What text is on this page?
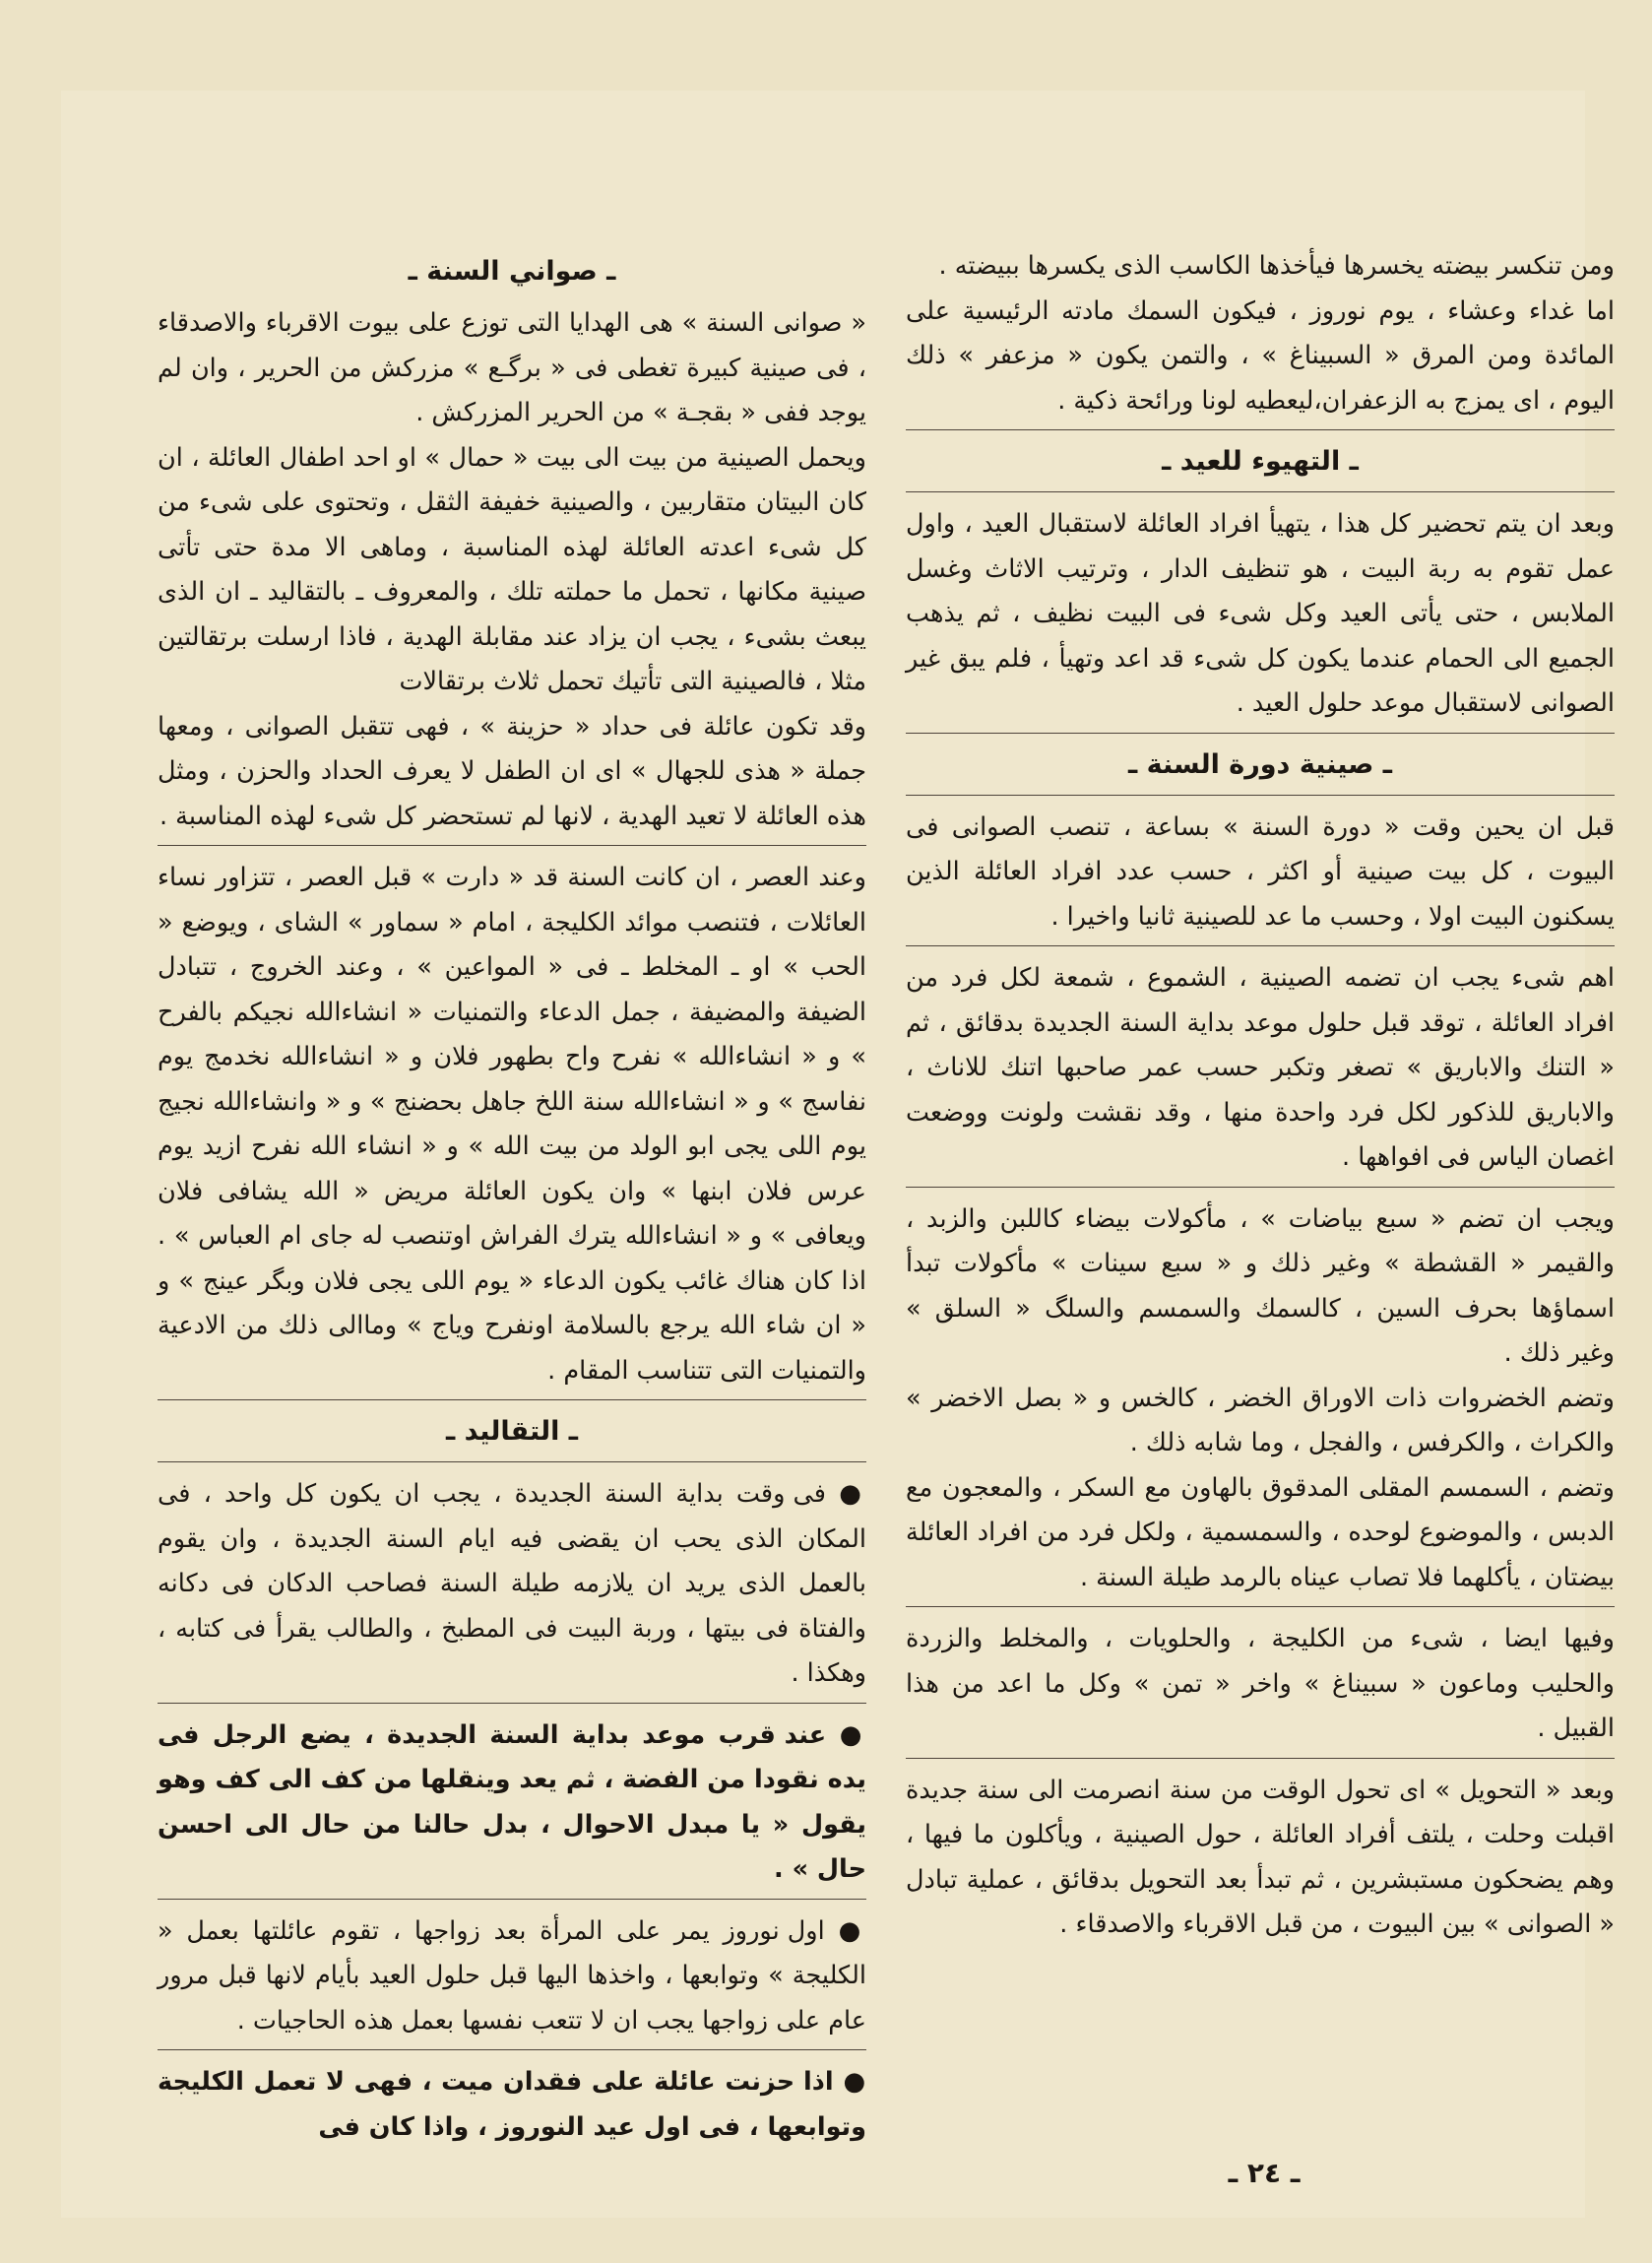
ومن تنكسر بيضته يخسرها فيأخذها الكاسب الذى يكسرها ببيضته .

اما غداء وعشاء ، يوم نوروز ، فيكون السمك مادته الرئيسية على المائدة ومن المرق « السبيناغ » ، والتمن يكون « مزعفر » ذلك اليوم ، اى يمزج به الزعفران،ليعطيه لونا ورائحة ذكية .

ـ التهيوء للعيد ـ

وبعد ان يتم تحضير كل هذا ، يتهيأ افراد العائلة لاستقبال العيد ، واول عمل تقوم به ربة البيت ، هو تنظيف الدار ، وترتيب الاثاث وغسل الملابس ، حتى يأتى العيد وكل شىء فى البيت نظيف ، ثم يذهب الجميع الى الحمام عندما يكون كل شىء قد اعد وتهيأ ، فلم يبق غير الصوانى لاستقبال موعد حلول العيد .

ـ صينية دورة السنة ـ

قبل ان يحين وقت « دورة السنة » بساعة ، تنصب الصوانى فى البيوت ، كل بيت صينية أو اكثر ، حسب عدد افراد العائلة الذين يسكنون البيت اولا ، وحسب ما عد للصينية ثانيا واخيرا .

اهم شىء يجب ان تضمه الصينية ، الشموع ، شمعة لكل فرد من افراد العائلة ، توقد قبل حلول موعد بداية السنة الجديدة بدقائق ، ثم « التنك والاباريق » تصغر وتكبر حسب عمر صاحبها اتنك للاناث ، والاباريق للذكور لكل فرد واحدة منها ، وقد نقشت ولونت ووضعت اغصان الياس فى افواهها .

ويجب ان تضم « سبع بياضات » ، مأكولات بيضاء كاللبن والزبد ، والقيمر « القشطة » وغير ذلك و « سبع سينات » مأكولات تبدأ اسماؤها بحرف السين ، كالسمك والسمسم والسلگ « السلق » وغير ذلك .

وتضم الخضروات ذات الاوراق الخضر ، كالخس و « بصل الاخضر » والكراث ، والكرفس ، والفجل ، وما شابه ذلك .

وتضم ، السمسم المقلى المدقوق بالهاون مع السكر ، والمعجون مع الدبس ، والموضوع لوحده ، والسمسمية ، ولكل فرد من افراد العائلة بيضتان ، يأكلهما فلا تصاب عيناه بالرمد طيلة السنة .

وفيها ايضا ، شىء من الكليجة ، والحلويات ، والمخلط والزردة والحليب وماعون « سبيناغ » واخر « تمن » وكل ما اعد من هذا القبيل .

وبعد « التحويل » اى تحول الوقت من سنة انصرمت الى سنة جديدة اقبلت وحلت ، يلتف أفراد العائلة ، حول الصينية ، ويأكلون ما فيها ، وهم يضحكون مستبشرين ، ثم تبدأ بعد التحويل بدقائق ، عملية تبادل « الصوانى » بين البيوت ، من قبل الاقرباء والاصدقاء .

ـ صواني السنة ـ

« صوانى السنة » هى الهدايا التى توزع على بيوت الاقرباء والاصدقاء ، فى صينية كبيرة تغطى فى « برگـع » مزركش من الحرير ، وان لم يوجد ففى « بقجـة » من الحرير المزركش .

ويحمل الصينية من بيت الى بيت « حمال » او احد اطفال العائلة ، ان كان البيتان متقاربين ، والصينية خفيفة الثقل ، وتحتوى على شىء من كل شىء اعدته العائلة لهذه المناسبة ، وماهى الا مدة حتى تأتى صينية مكانها ، تحمل ما حملته تلك ، والمعروف ـ بالتقاليد ـ ان الذى يبعث بشىء ، يجب ان يزاد عند مقابلة الهدية ، فاذا ارسلت برتقالتين مثلا ، فالصينية التى تأتيك تحمل ثلاث برتقالات

وقد تكون عائلة فى حداد « حزينة » ، فهى تتقبل الصوانى ، ومعها جملة « هذى للجهال » اى ان الطفل لا يعرف الحداد والحزن ، ومثل هذه العائلة لا تعيد الهدية ، لانها لم تستحضر كل شىء لهذه المناسبة .

وعند العصر ، ان كانت السنة قد « دارت » قبل العصر ، تتزاور نساء العائلات ، فتنصب موائد الكليجة ، امام « سماور » الشاى ، ويوضع « الحب » او ـ المخلط ـ فى « المواعين » ، وعند الخروج ، تتبادل الضيفة والمضيفة ، جمل الدعاء والتمنيات « انشاءالله نجيكم بالفرح » و « انشاءالله » نفرح واح بطهور فلان و « انشاءالله نخدمج يوم نفاسج » و « انشاءالله سنة اللخ جاهل بحضنج » و « وانشاءالله نجيج يوم اللى يجى ابو الولد من بيت الله » و « انشاء الله نفرح ازيد يوم عرس فلان ابنها » وان يكون العائلة مريض « الله يشافى فلان ويعافى » و « انشاءالله يترك الفراش اوتنصب له جاى ام العباس » . اذا كان هناك غائب يكون الدعاء « يوم اللى يجى فلان وبگر عينج » و « ان شاء الله يرجع بالسلامة اونفرح وياج » وماالى ذلك من الادعية والتمنيات التى تتناسب المقام .

ـ التقاليد ـ

● فى وقت بداية السنة الجديدة ، يجب ان يكون كل واحد ، فى المكان الذى يحب ان يقضى فيه ايام السنة الجديدة ، وان يقوم بالعمل الذى يريد ان يلازمه طيلة السنة فصاحب الدكان فى دكانه والفتاة فى بيتها ، وربة البيت فى المطبخ ، والطالب يقرأ فى كتابه ، وهكذا .

● عند قرب موعد بداية السنة الجديدة ، يضع الرجل فى يده نقودا من الفضة ، ثم يعد وينقلها من كف الى كف وهو يقول « يا مبدل الاحوال ، بدل حالنا من حال الى احسن حال » .

● اول نوروز يمر على المرأة بعد زواجها ، تقوم عائلتها بعمل « الكليجة » وتوابعها ، واخذها اليها قبل حلول العيد بأيام لانها قبل مرور عام على زواجها يجب ان لا تتعب نفسها بعمل هذه الحاجيات .

● اذا حزنت عائلة على فقدان ميت ، فهى لا تعمل الكليجة وتوابعها ، فى اول عيد النوروز ، واذا كان فى

ـ ٢٤ ـ
